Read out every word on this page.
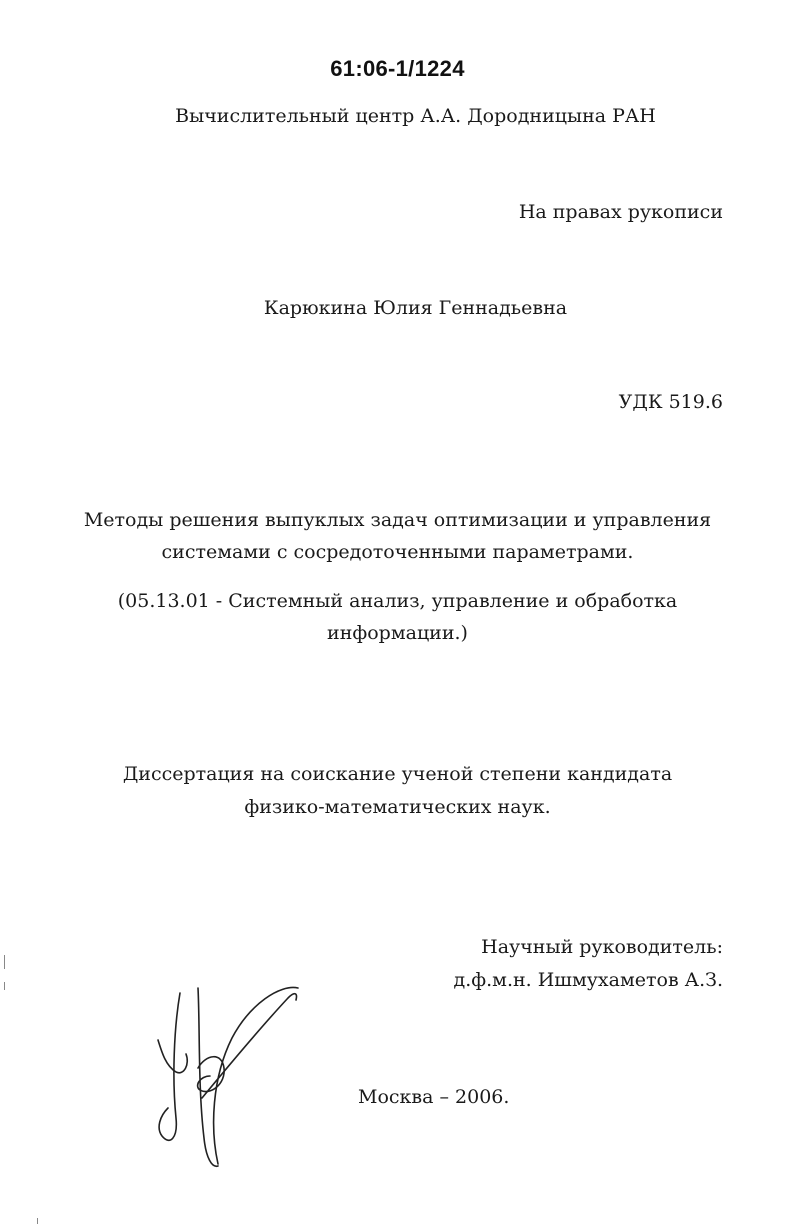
61:06-1/1224
Вычислительный центр А.А. Дородницына РАН
На правах рукописи
Карюкина Юлия Геннадьевна
УДК 519.6
Методы решения выпуклых задач оптимизации и управления
системами с сосредоточенными параметрами.
(05.13.01 - Системный анализ, управление и обработка
информации.)
Диссертация на соискание ученой степени кандидата
физико-математических наук.
Научный руководитель:
д.ф.м.н. Ишмухаметов А.З.
Москва – 2006.
